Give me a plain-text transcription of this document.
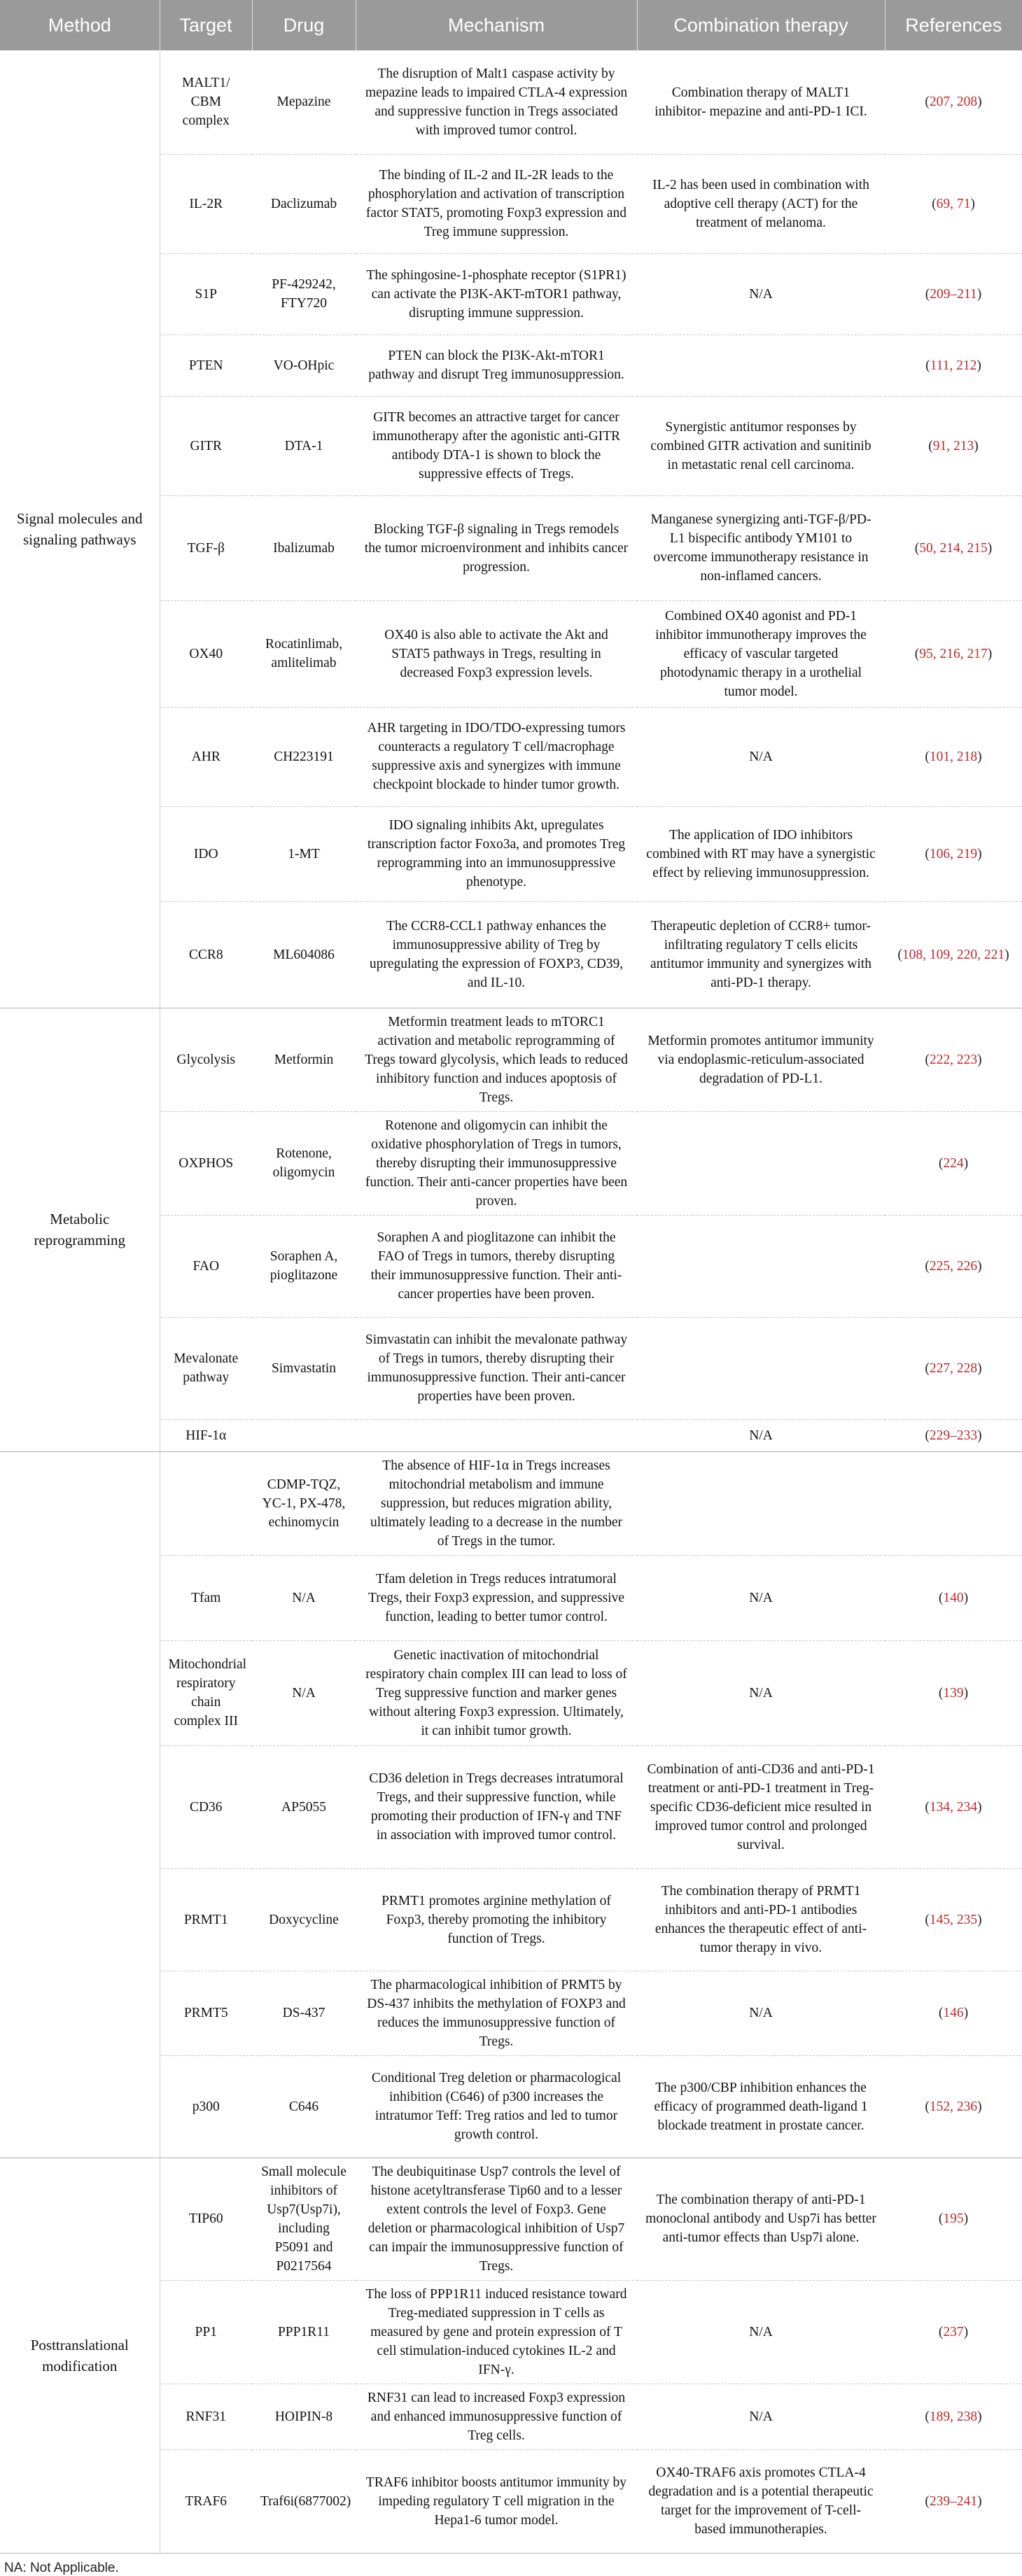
Method	Target	Drug	Mechanism	Combination therapy	References
Signal molecules and signaling pathways	MALT1/ CBM complex	Mepazine	The disruption of Malt1 caspase activity by mepazine leads to impaired CTLA-4 expression and suppressive function in Tregs associated with improved tumor control.	Combination therapy of MALT1 inhibitor- mepazine and anti-PD-1 ICI.	(207, 208)
	IL-2R	Daclizumab	The binding of IL-2 and IL-2R leads to the phosphorylation and activation of transcription factor STAT5, promoting Foxp3 expression and Treg immune suppression.	IL-2 has been used in combination with adoptive cell therapy (ACT) for the treatment of melanoma.	(69, 71)
	S1P	PF-429242, FTY720	The sphingosine-1-phosphate receptor (S1PR1) can activate the PI3K-AKT-mTOR1 pathway, disrupting immune suppression.	N/A	(209–211)
	PTEN	VO-OHpic	PTEN can block the PI3K-Akt-mTOR1 pathway and disrupt Treg immunosuppression.		(111, 212)
	GITR	DTA-1	GITR becomes an attractive target for cancer immunotherapy after the agonistic anti-GITR antibody DTA-1 is shown to block the suppressive effects of Tregs.	Synergistic antitumor responses by combined GITR activation and sunitinib in metastatic renal cell carcinoma.	(91, 213)
	TGF-β	Ibalizumab	Blocking TGF-β signaling in Tregs remodels the tumor microenvironment and inhibits cancer progression.	Manganese synergizing anti-TGF-β/PD-L1 bispecific antibody YM101 to overcome immunotherapy resistance in non-inflamed cancers.	(50, 214, 215)
	OX40	Rocatinlimab, amlitelimab	OX40 is also able to activate the Akt and STAT5 pathways in Tregs, resulting in decreased Foxp3 expression levels.	Combined OX40 agonist and PD-1 inhibitor immunotherapy improves the efficacy of vascular targeted photodynamic therapy in a urothelial tumor model.	(95, 216, 217)
	AHR	CH223191	AHR targeting in IDO/TDO-expressing tumors counteracts a regulatory T cell/macrophage suppressive axis and synergizes with immune checkpoint blockade to hinder tumor growth.	N/A	(101, 218)
	IDO	1-MT	IDO signaling inhibits Akt, upregulates transcription factor Foxo3a, and promotes Treg reprogramming into an immunosuppressive phenotype.	The application of IDO inhibitors combined with RT may have a synergistic effect by relieving immunosuppression.	(106, 219)
	CCR8	ML604086	The CCR8-CCL1 pathway enhances the immunosuppressive ability of Treg by upregulating the expression of FOXP3, CD39, and IL-10.	Therapeutic depletion of CCR8+ tumor-infiltrating regulatory T cells elicits antitumor immunity and synergizes with anti-PD-1 therapy.	(108, 109, 220, 221)
Metabolic reprogramming	Glycolysis	Metformin	Metformin treatment leads to mTORC1 activation and metabolic reprogramming of Tregs toward glycolysis, which leads to reduced inhibitory function and induces apoptosis of Tregs.	Metformin promotes antitumor immunity via endoplasmic-reticulum-associated degradation of PD-L1.	(222, 223)
	OXPHOS	Rotenone, oligomycin	Rotenone and oligomycin can inhibit the oxidative phosphorylation of Tregs in tumors, thereby disrupting their immunosuppressive function. Their anti-cancer properties have been proven.		(224)
	FAO	Soraphen A, pioglitazone	Soraphen A and pioglitazone can inhibit the FAO of Tregs in tumors, thereby disrupting their immunosuppressive function. Their anti-cancer properties have been proven.		(225, 226)
	Mevalonate pathway	Simvastatin	Simvastatin can inhibit the mevalonate pathway of Tregs in tumors, thereby disrupting their immunosuppressive function. Their anti-cancer properties have been proven.		(227, 228)
	HIF-1α			N/A	(229–233)
		CDMP-TQZ, YC-1, PX-478, echinomycin	The absence of HIF-1α in Tregs increases mitochondrial metabolism and immune suppression, but reduces migration ability, ultimately leading to a decrease in the number of Tregs in the tumor.		
	Tfam	N/A	Tfam deletion in Tregs reduces intratumoral Tregs, their Foxp3 expression, and suppressive function, leading to better tumor control.	N/A	(140)
	Mitochondrial respiratory chain complex III	N/A	Genetic inactivation of mitochondrial respiratory chain complex III can lead to loss of Treg suppressive function and marker genes without altering Foxp3 expression. Ultimately, it can inhibit tumor growth.	N/A	(139)
	CD36	AP5055	CD36 deletion in Tregs decreases intratumoral Tregs, and their suppressive function, while promoting their production of IFN-γ and TNF in association with improved tumor control.	Combination of anti-CD36 and anti-PD-1 treatment or anti-PD-1 treatment in Treg-specific CD36-deficient mice resulted in improved tumor control and prolonged survival.	(134, 234)
	PRMT1	Doxycycline	PRMT1 promotes arginine methylation of Foxp3, thereby promoting the inhibitory function of Tregs.	The combination therapy of PRMT1 inhibitors and anti-PD-1 antibodies enhances the therapeutic effect of anti-tumor therapy in vivo.	(145, 235)
	PRMT5	DS-437	The pharmacological inhibition of PRMT5 by DS-437 inhibits the methylation of FOXP3 and reduces the immunosuppressive function of Tregs.	N/A	(146)
	p300	C646	Conditional Treg deletion or pharmacological inhibition (C646) of p300 increases the intratumor Teff: Treg ratios and led to tumor growth control.	The p300/CBP inhibition enhances the efficacy of programmed death-ligand 1 blockade treatment in prostate cancer.	(152, 236)
Posttranslational modification	TIP60	Small molecule inhibitors of Usp7(Usp7i), including P5091 and P0217564	The deubiquitinase Usp7 controls the level of histone acetyltransferase Tip60 and to a lesser extent controls the level of Foxp3. Gene deletion or pharmacological inhibition of Usp7 can impair the immunosuppressive function of Tregs.	The combination therapy of anti-PD-1 monoclonal antibody and Usp7i has better anti-tumor effects than Usp7i alone.	(195)
	PP1	PPP1R11	The loss of PPP1R11 induced resistance toward Treg-mediated suppression in T cells as measured by gene and protein expression of T cell stimulation-induced cytokines IL-2 and IFN-γ.	N/A	(237)
	RNF31	HOIPIN-8	RNF31 can lead to increased Foxp3 expression and enhanced immunosuppressive function of Treg cells.	N/A	(189, 238)
	TRAF6	Traf6i(6877002)	TRAF6 inhibitor boosts antitumor immunity by impeding regulatory T cell migration in the Hepa1-6 tumor model.	OX40-TRAF6 axis promotes CTLA-4 degradation and is a potential therapeutic target for the improvement of T-cell-based immunotherapies.	(239–241)
NA: Not Applicable.
